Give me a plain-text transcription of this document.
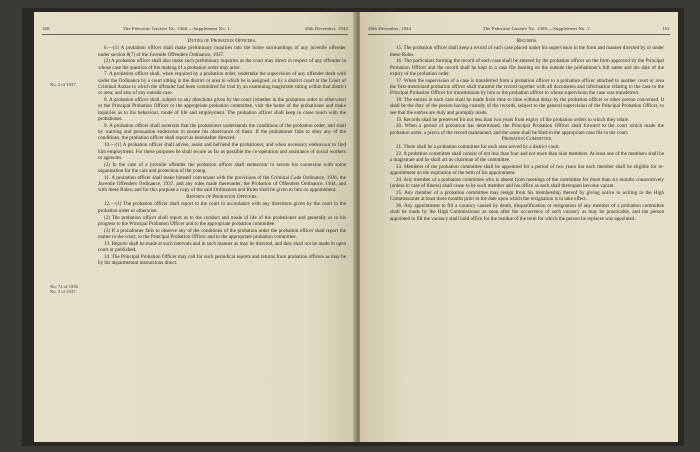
160	The Palestine Gazette No. 1366.—Supplement No. 1.	28th December, 1944
No. 2 of 1937.
No. 74 of 1936.
No. 2 of 1937.
Duties of Probation Officers.
6.—(1) A probation officer shall make preliminary inquiries into the home surroundings of any juvenile offender under section 8(7) of the Juvenile Offenders Ordinance, 1937.
(2) A probation officer shall also make such preliminary inquiries as the court may direct in respect of any offender in whose case the question of the making of a probation order may arise.
7. A probation officer shall, when required by a probation order, undertake the supervision of any offender dealt with under the Ordinance by a court sitting in the district or area to which he is assigned, or by a district court or the Court of Criminal Assize to which the offender had been committed for trial by an examining magistrate sitting within that district or area; and also of any outside case.
8. A probation officer shall, subject to any directions given by the court (whether in the probation order or otherwise) or the Principal Probation Officer or the appropriate probation committee, visit the home of the probationer and make inquiries as to his behaviour, mode of life and employment. The probation officer shall keep in close touch with the probationer.
9. A probation officer shall ascertain that the probationer understands the conditions of the probation order, and shall by warning and persuasion endeavour to ensure his observance of them. If the probationer fails to obey any of the conditions, the probation officer shall report as hereinafter directed.
10.—(1) A probation officer shall advise, assist and befriend the probationer, and when necessary endeavour to find him employment. For these purposes he shall secure as far as possible the co-operation and assistance of social workers or agencies.
(2) In the case of a juvenile offender the probation officer shall endeavour to secure his connexion with some organization for the care and protection of the young.
11. A probation officer shall make himself conversant with the provisions of the Criminal Code Ordinance, 1936, the Juvenile Offenders Ordinance, 1937, and any rules made thereunder, the Probation of Offenders Ordinance, 1944, and with these Rules; and for this purpose a copy of the said Ordinances and Rules shall be given to him on appointment.
Reports of Probation Officers.
12.—(1) The probation officer shall report to the court in accordance with any directions given by the court in the probation order or otherwise.
(2) The probation officer shall report as to the conduct and mode of life of the probationer and generally as to his progress to the Principal Probation Officer and to the appropriate probation committee.
(3) If a probationer fails to observe any of the conditions of the probation order the probation officer shall report the matter to the court, to the Principal Probation Officer and to the appropriate probation committee.
13. Reports shall be made at such intervals and in such manner as may be directed, and they shall not be made in open court or published.
14. The Principal Probation Officer may call for such periodical reports and returns from probation officers as may be by his departmental instructions direct.
28th December, 1944	The Palestine Gazette No. 1366.—Supplement No. 1.	161
Records.
15. The probation officer shall keep a record of each case placed under his supervision in the form and manner directed by or under these Rules.
16. The particulars forming the record of each case shall be entered by the probation officer on the form approved by the Principal Probation Officer and the record shall be kept in a case file bearing on the outside the probationer's full name and the date of the expiry of the probation order.
17. When the supervision of a case is transferred from a probation officer to a probation officer attached to another court or area the first-mentioned probation officer shall transmit the record together with all documents and information relating to the case to the Principal Probation Officer for transmission by him to the probation officer to whose supervision the case was transferred.
18. The entries in each case shall be made from time to time without delay by the probation officer or other person concerned. It shall be the duty of the person having custody of the records, subject to the general supervision of the Principal Probation Officer, to see that the entries are duly and promptly made.
19. Records shall be preserved for not less than two years from expiry of the probation orders to which they relate.
20. When a period of probation has determined, the Principal Probation Officer shall forward to the court which made the probation order, a precis of the record maintained, and the same shall be filed in the appropriate case file in the court.
Probation Committee.
21. There shall be a probation committee for each area served by a district court.
22. A probation committee shall consist of not less than four and not more than nine members. At least one of the members shall be a magistrate and he shall act as chairman of the committee.
23. Members of the probation committee shall be appointed for a period of two years but each member shall be eligible for re-appointment on the expiration of the term of his appointment.
24. Any member of a probation committee who is absent from meetings of the committee for more than six months consecutively (unless in case of illness) shall cease to be such member and his office as such shall thereupon become vacant.
25. Any member of a probation committee may resign from his membership thereof by giving notice in writing to the High Commissioner at least three months prior to the date upon which the resignation is to take effect.
26. Any appointment to fill a vacancy caused by death, disqualification or resignation of any member of a probation committee shall be made by the High Commissioner as soon after the occurrence of such vacancy as may be practicable, and the person appointed to fill the vacancy shall hold office for the residue of the term for which the person he replaces was appointed.
